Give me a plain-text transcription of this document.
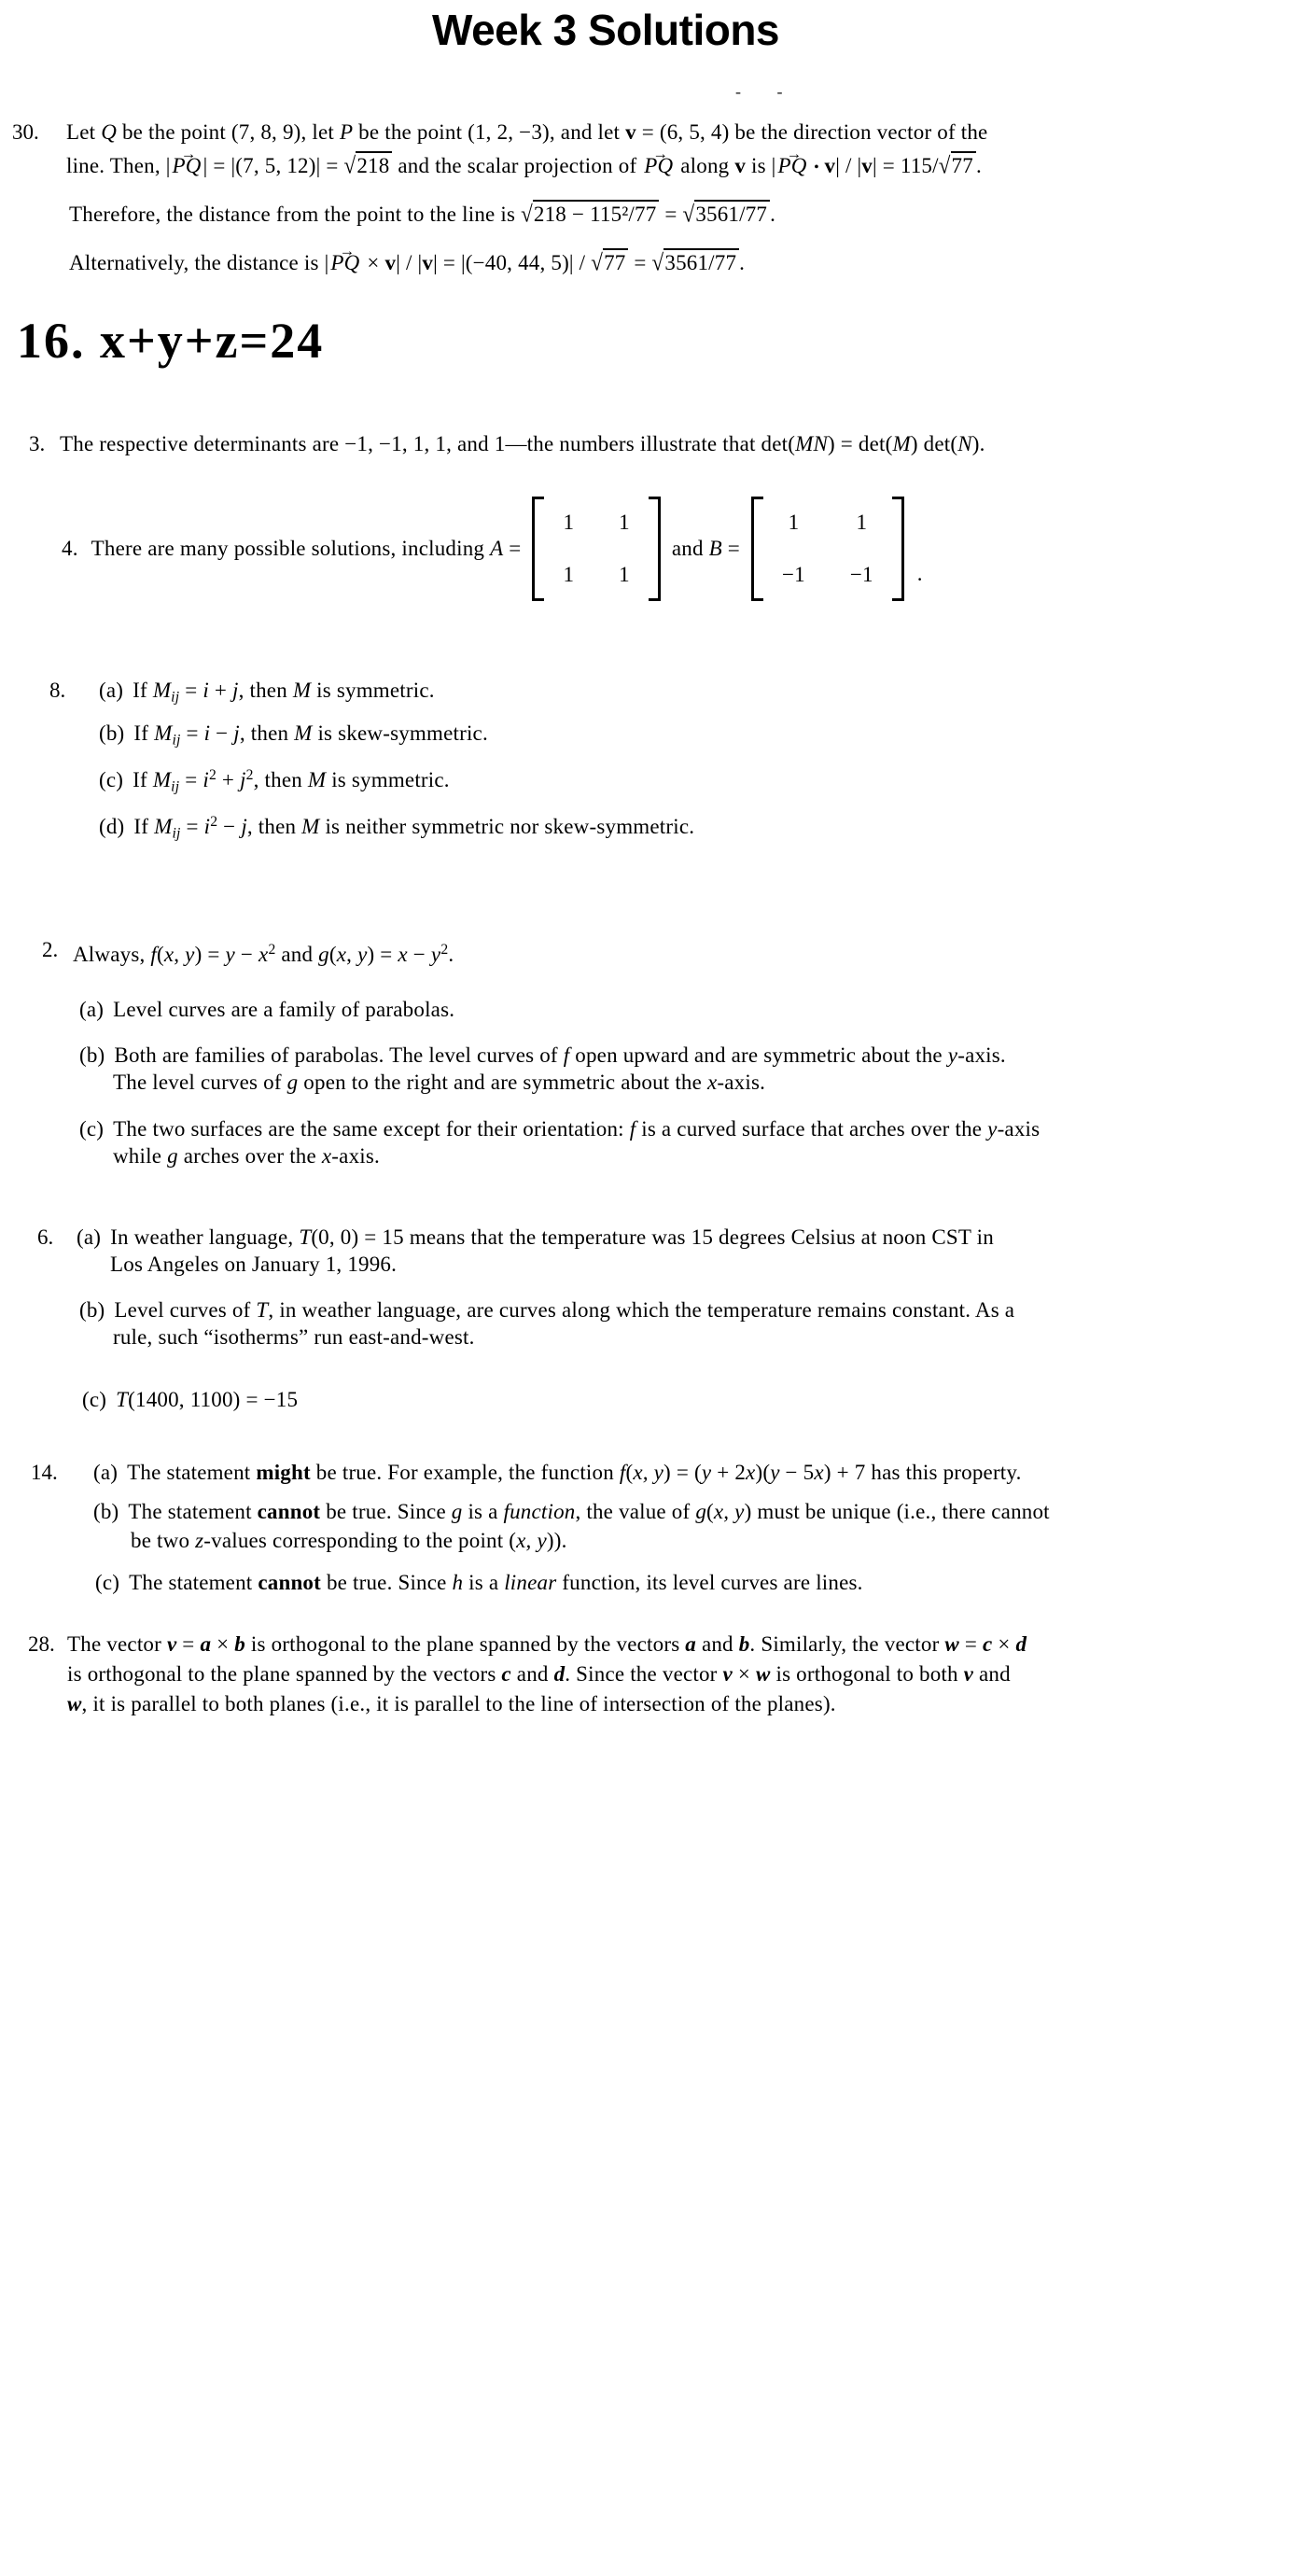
Week 3 Solutions
- -
30. Let Q be the point (7, 8, 9), let P be the point (1, 2, −3), and let v = (6, 5, 4) be the direction vector of the
line. Then, |PQ →| = |(7, 5, 12)| = √218 and the scalar projection of PQ → along v is |PQ → • v| / |v| = 115/√77 .
Therefore, the distance from the point to the line is √218 − 115²/77 = √3561/77 .
Alternatively, the distance is |PQ → × v| / |v| = |(−40, 44, 5)| / √77 = √3561/77 .
16. x+y+z=24
3. The respective determinants are −1, −1, 1, 1, and 1—the numbers illustrate that det(MN) = det(M) det(N).
4. There are many possible solutions, including A =
1 1
1 1
and B =
1	1
−1 −1 .
8. (a) If Mij = i + j, then M is symmetric.
(b) If Mij = i − j, then M is skew-symmetric.
(c) If Mij = $i^2 + j^2$, then M is symmetric.
(d) If Mij = $i^2 - j$, then M is neither symmetric nor skew-symmetric.
2. Always, f(x, $y) = y - x^2$ and g(x, $y) = x - y^2$.
(a) Level curves are a family of parabolas.
(b) Both are families of parabolas. The level curves of f open upward and are symmetric about the y-axis.
The level curves of g open to the right and are symmetric about the x-axis.
(c) The two surfaces are the same except for their orientation: f is a curved surface that arches over the y-axis
while g arches over the x-axis.
6. (a) In weather language, T(0, 0) = 15 means that the temperature was 15 degrees Celsius at noon CST in
Los Angeles on January 1, 1996.
(b) Level curves of T, in weather language, are curves along which the temperature remains constant. As a
rule, such “isotherms” run east-and-west.
(c) T(1400, 1100) = −15
14. (a) The statement might be true. For example, the function f(x, y) = (y + 2x)(y − 5x) + 7 has this property.
(b) The statement cannot be true. Since g is a function, the value of g(x, y) must be unique (i.e., there cannot
be two z-values corresponding to the point (x, y)).
(c) The statement cannot be true. Since h is a linear function, its level curves are lines.
28. The vector v = a × b is orthogonal to the plane spanned by the vectors a and b. Similarly, the vector w = c × d
is orthogonal to the plane spanned by the vectors c and d. Since the vector v × w is orthogonal to both v and
w, it is parallel to both planes (i.e., it is parallel to the line of intersection of the planes).
